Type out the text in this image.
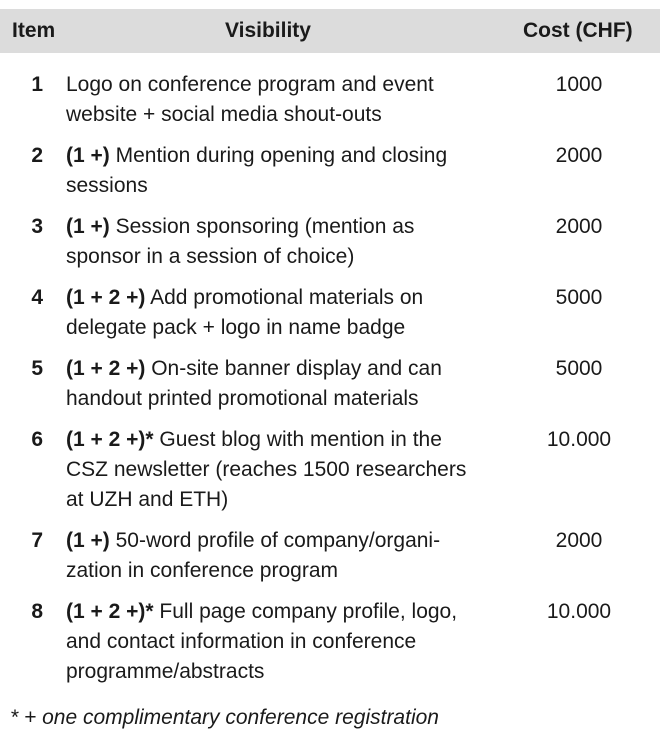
Item	Visibility	Cost (CHF)
1 Logo on conference program and event
website + social media shout-outs
1000
2 (1 +) Mention during opening and closing
sessions
2000
3 (1 +) Session sponsoring (mention as
sponsor in a session of choice)
2000
4 (1 + 2 +) Add promotional materials on
delegate pack + logo in name badge
5000
5 (1 + 2 +) On-site banner display and can
handout printed promotional materials
5000
6 (1 + 2 +)* Guest blog with mention in the
CSZ newsletter (reaches 1500 researchers
at UZH and ETH)
10.000
7 (1 +) 50-word profile of company/organi-
zation in conference program
2000
8 (1 + 2 +)* Full page company profile, logo,
and contact information in conference
programme/abstracts
10.000
* + one complimentary conference registration
